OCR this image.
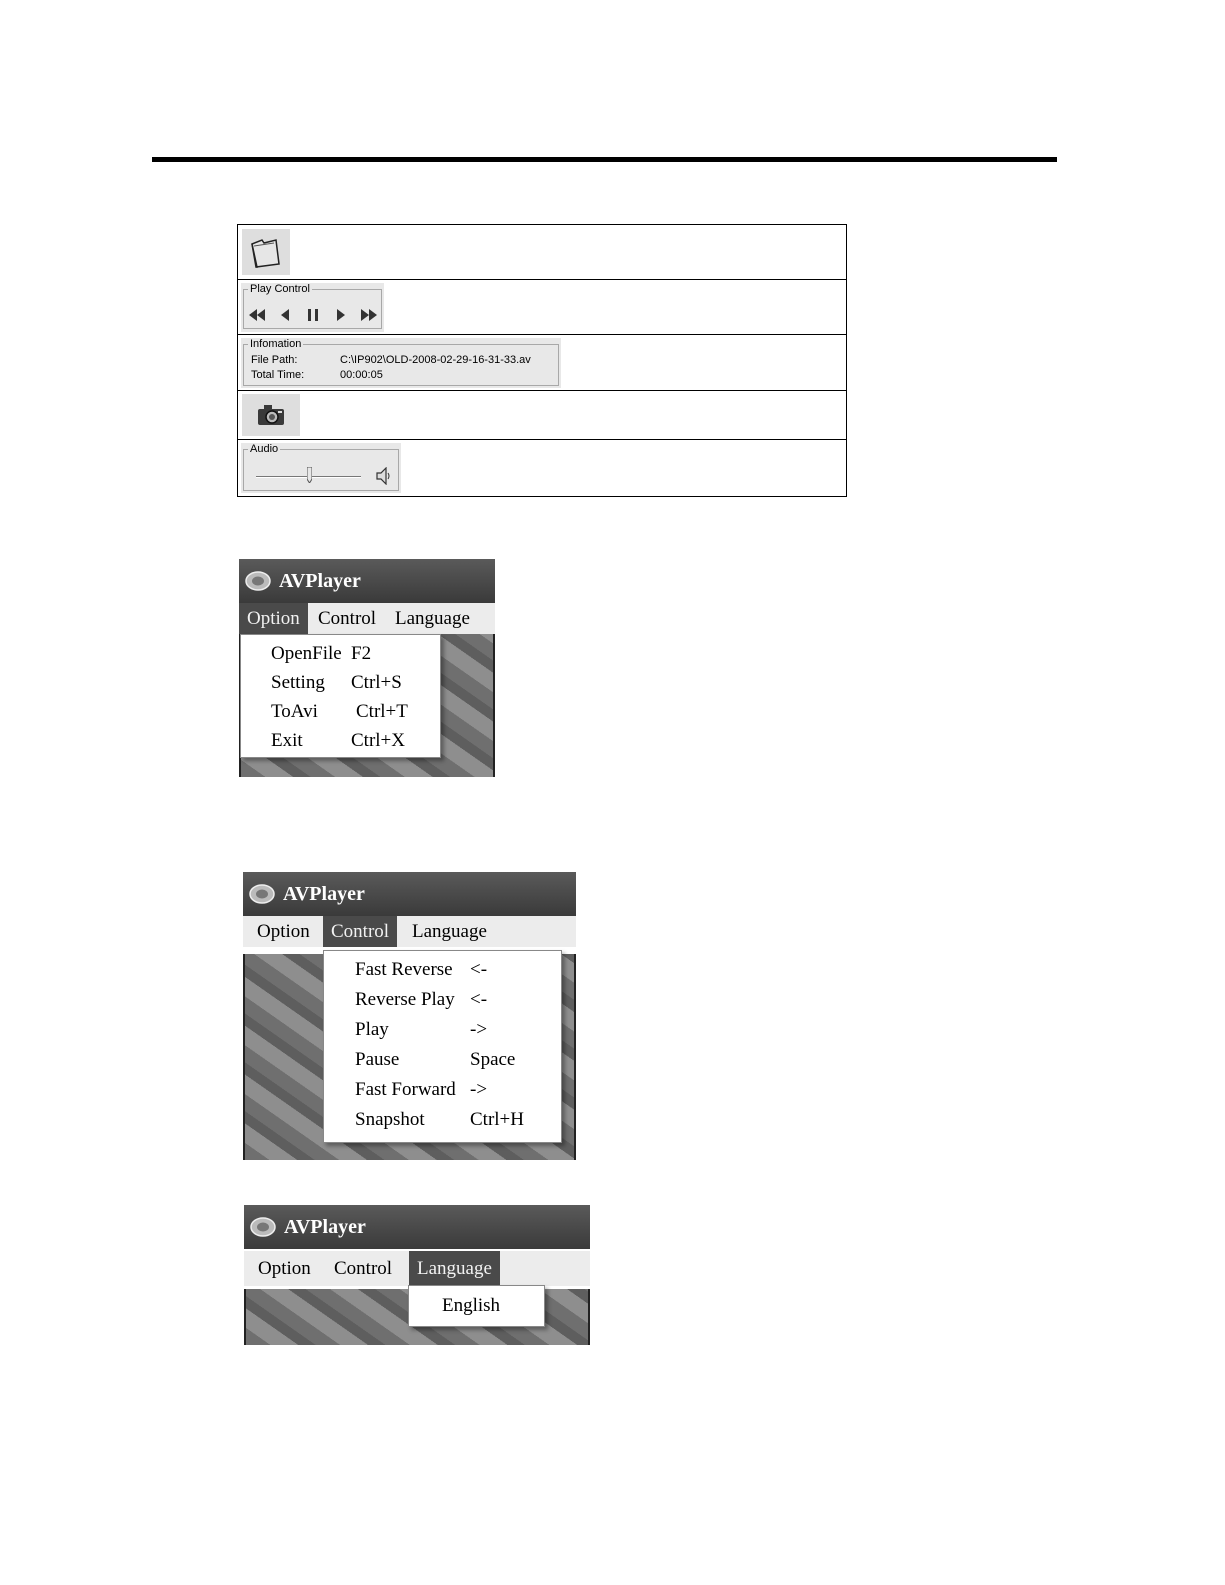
Play Control
Infomation
File Path:	C:\IP902\OLD-2008-02-29-16-31-33.av
Total Time:	00:00:05
Audio
AVPlayer
Option Control Language
OpenFile F2
Setting Ctrl+S
ToAvi Ctrl+T
Exit	Ctrl+X
AVPlayer
Option	Control	Language
Fast Reverse <-
Reverse Play <-
Play	->
Pause	Space
Fast Forward ->
Snapshot Ctrl+H
AVPlayer
Option	Control	Language
English
